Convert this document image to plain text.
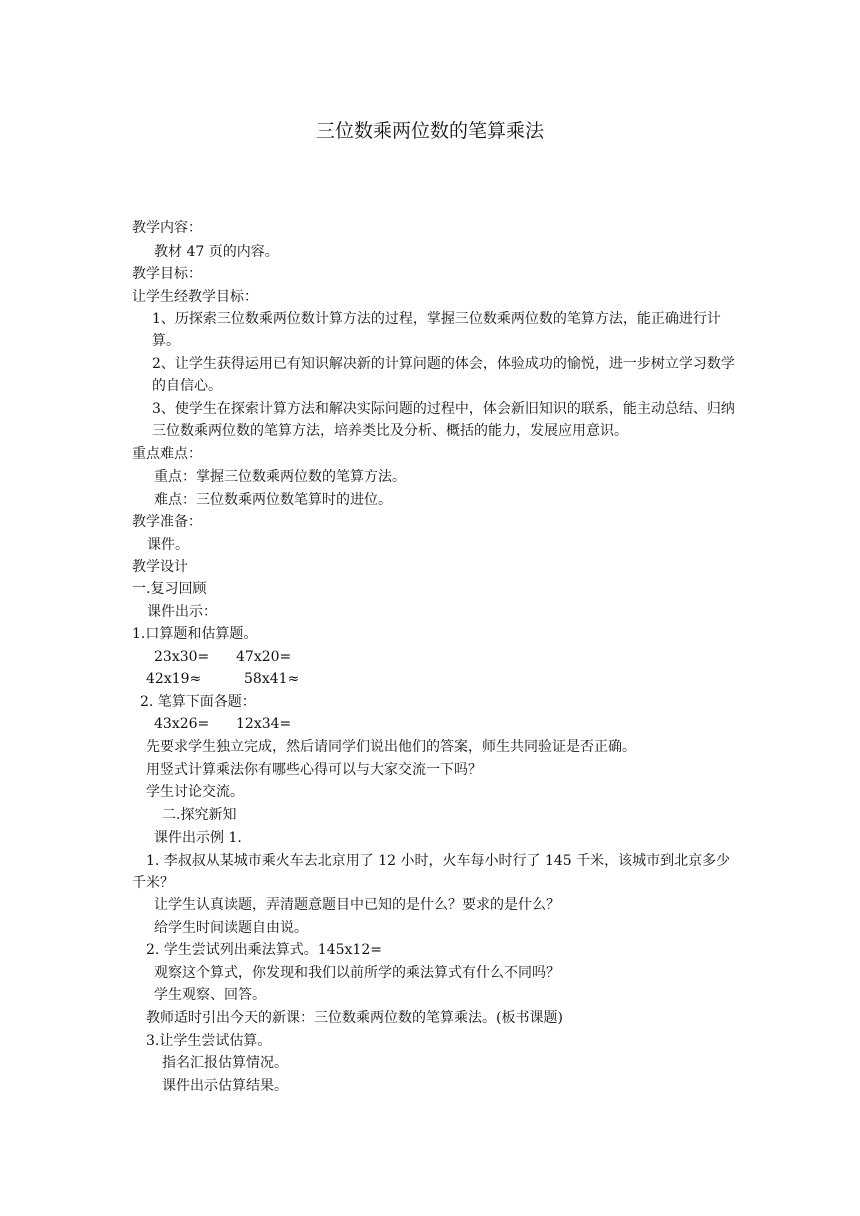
三位数乘两位数的笔算乘法
教学内容：
教材 47 页的内容。
教学目标：
让学生经教学目标：
1、历探索三位数乘两位数计算方法的过程，掌握三位数乘两位数的笔算方法，能正确进行计算。
2、让学生获得运用已有知识解决新的计算问题的体会，体验成功的愉悦，进一步树立学习数学的自信心。
3、使学生在探索计算方法和解决实际问题的过程中，体会新旧知识的联系，能主动总结、归纳三位数乘两位数的笔算方法，培养类比及分析、概括的能力，发展应用意识。
重点难点：
重点：掌握三位数乘两位数的笔算方法。
难点：三位数乘两位数笔算时的进位。
教学准备：
课件。
教学设计
一.复习回顾
课件出示：
1.口算题和估算题。
23x30= 47x20=
42x19≈	58x41≈
2. 笔算下面各题：
43x26= 12x34=
先要求学生独立完成，然后请同学们说出他们的答案，师生共同验证是否正确。
用竖式计算乘法你有哪些心得可以与大家交流一下吗？
学生讨论交流。
二.探究新知
课件出示例 1.
1. 李叔叔从某城市乘火车去北京用了 12 小时，火车每小时行了 145 千米，该城市到北京多少千米？
让学生认真读题，弄清题意题目中已知的是什么？要求的是什么？
给学生时间读题自由说。
2. 学生尝试列出乘法算式。145x12=
观察这个算式，你发现和我们以前所学的乘法算式有什么不同吗？
学生观察、回答。
教师适时引出今天的新课：三位数乘两位数的笔算乘法。(板书课题)
3.让学生尝试估算。
指名汇报估算情况。
课件出示估算结果。
